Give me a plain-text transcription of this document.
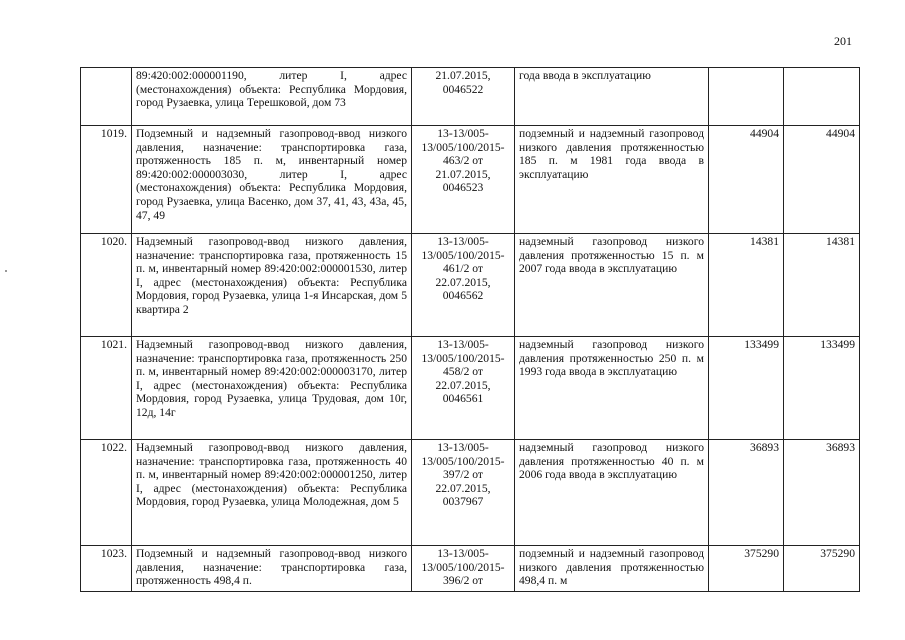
201
	89:420:002:000001190, литер I, адрес (местонахождения) объекта: Республика Мордовия, город Рузаевка, улица Терешковой, дом 73	21.07.2015, 0046522	года ввода в эксплуатацию		
1019.	Подземный и надземный газопровод-ввод низкого давления, назначение: транспортировка газа, протяженность 185 п. м, инвентарный номер 89:420:002:000003030, литер I, адрес (местонахождения) объекта: Республика Мордовия, город Рузаевка, улица Васенко, дом 37, 41, 43, 43а, 45, 47, 49	13-13/005-13/005/100/2015-463/2 от 21.07.2015, 0046523	подземный и надземный газопровод низкого давления протяженностью 185 п. м 1981 года ввода в эксплуатацию	44904	44904
1020.	Надземный газопровод-ввод низкого давления, назначение: транспортировка газа, протяженность 15 п. м, инвентарный номер 89:420:002:000001530, литер I, адрес (местонахождения) объекта: Республика Мордовия, город Рузаевка, улица 1-я Инсарская, дом 5 квартира 2	13-13/005-13/005/100/2015-461/2 от 22.07.2015, 0046562	надземный газопровод низкого давления протяженностью 15 п. м 2007 года ввода в эксплуатацию	14381	14381
1021.	Надземный газопровод-ввод низкого давления, назначение: транспортировка газа, протяженность 250 п. м, инвентарный номер 89:420:002:000003170, литер I, адрес (местонахождения) объекта: Республика Мордовия, город Рузаевка, улица Трудовая, дом 10г, 12д, 14г	13-13/005-13/005/100/2015-458/2 от 22.07.2015, 0046561	надземный газопровод низкого давления протяженностью 250 п. м 1993 года ввода в эксплуатацию	133499	133499
1022.	Надземный газопровод-ввод низкого давления, назначение: транспортировка газа, протяженность 40 п. м, инвентарный номер 89:420:002:000001250, литер I, адрес (местонахождения) объекта: Республика Мордовия, город Рузаевка, улица Молодежная, дом 5	13-13/005-13/005/100/2015-397/2 от 22.07.2015, 0037967	надземный газопровод низкого давления протяженностью 40 п. м 2006 года ввода в эксплуатацию	36893	36893
1023.	Подземный и надземный газопровод-ввод низкого давления, назначение: транспортировка газа, протяженность 498,4 п.	13-13/005-13/005/100/2015-396/2 от	подземный и надземный газопровод низкого давления протяженностью 498,4 п. м	375290	375290
